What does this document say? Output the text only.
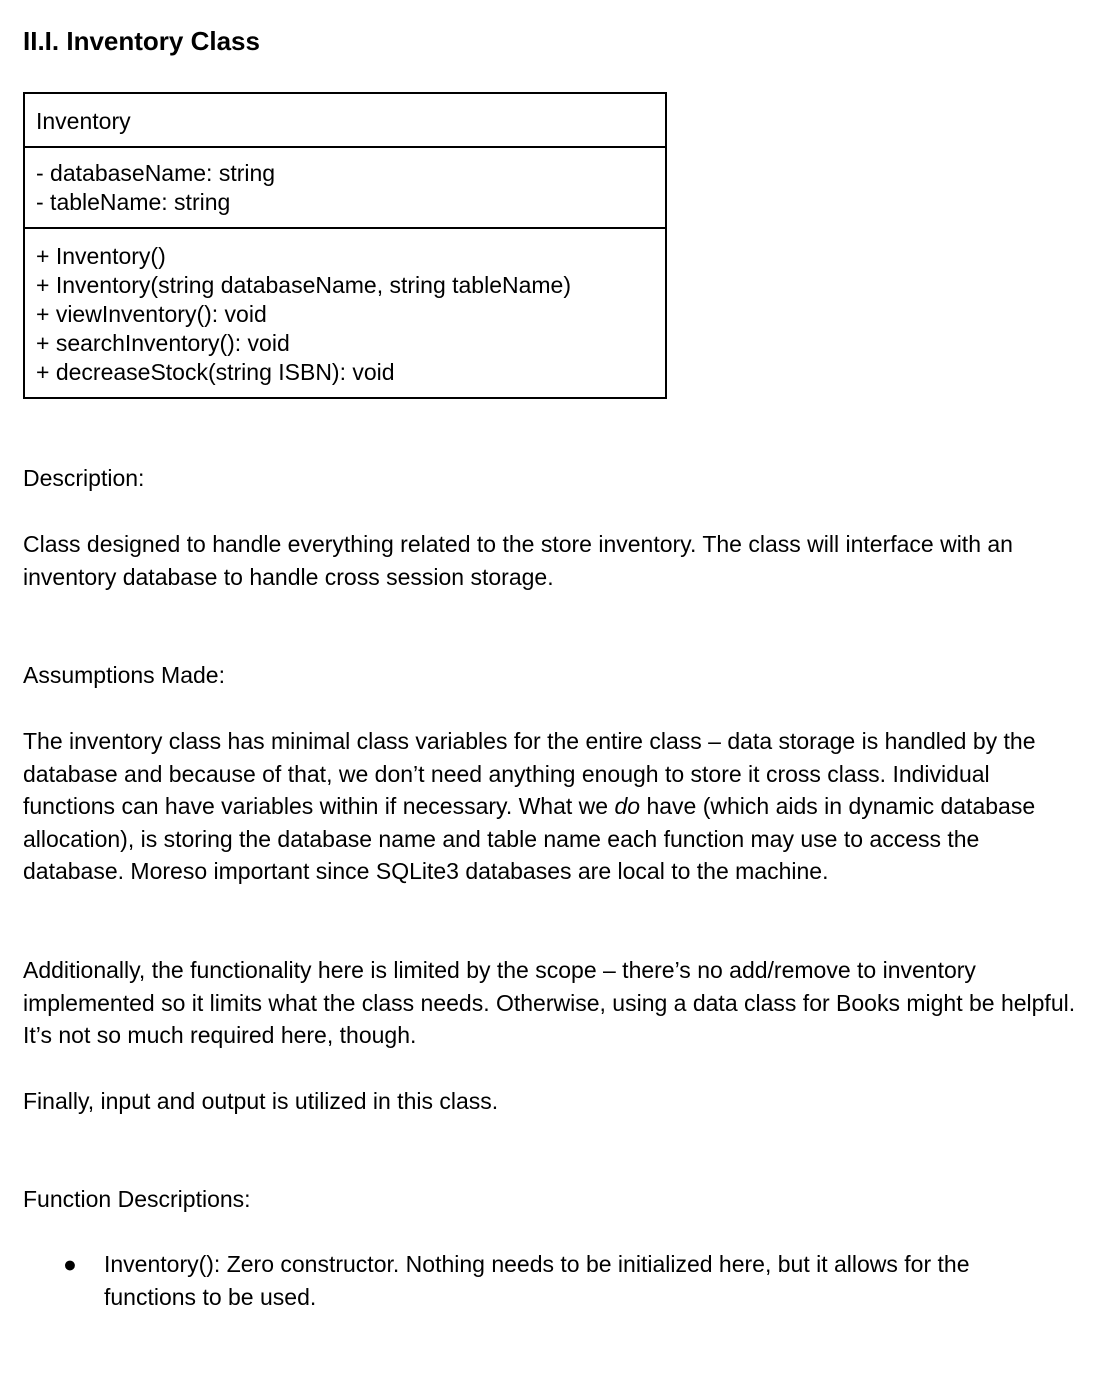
II.I. Inventory Class
Inventory
- databaseName: string
- tableName: string
+ Inventory()
+ Inventory(string databaseName, string tableName)
+ viewInventory(): void
+ searchInventory(): void
+ decreaseStock(string ISBN): void

Description:

Class designed to handle everything related to the store inventory. The class will interface with an inventory database to handle cross session storage.

Assumptions Made:

The inventory class has minimal class variables for the entire class – data storage is handled by the database and because of that, we don’t need anything enough to store it cross class. Individual functions can have variables within if necessary. What we do have (which aids in dynamic database allocation), is storing the database name and table name each function may use to access the database. Moreso important since SQLite3 databases are local to the machine.

Additionally, the functionality here is limited by the scope – there’s no add/remove to inventory implemented so it limits what the class needs. Otherwise, using a data class for Books might be helpful. It’s not so much required here, though.

Finally, input and output is utilized in this class.

Function Descriptions:

● Inventory(): Zero constructor. Nothing needs to be initialized here, but it allows for the functions to be used.
